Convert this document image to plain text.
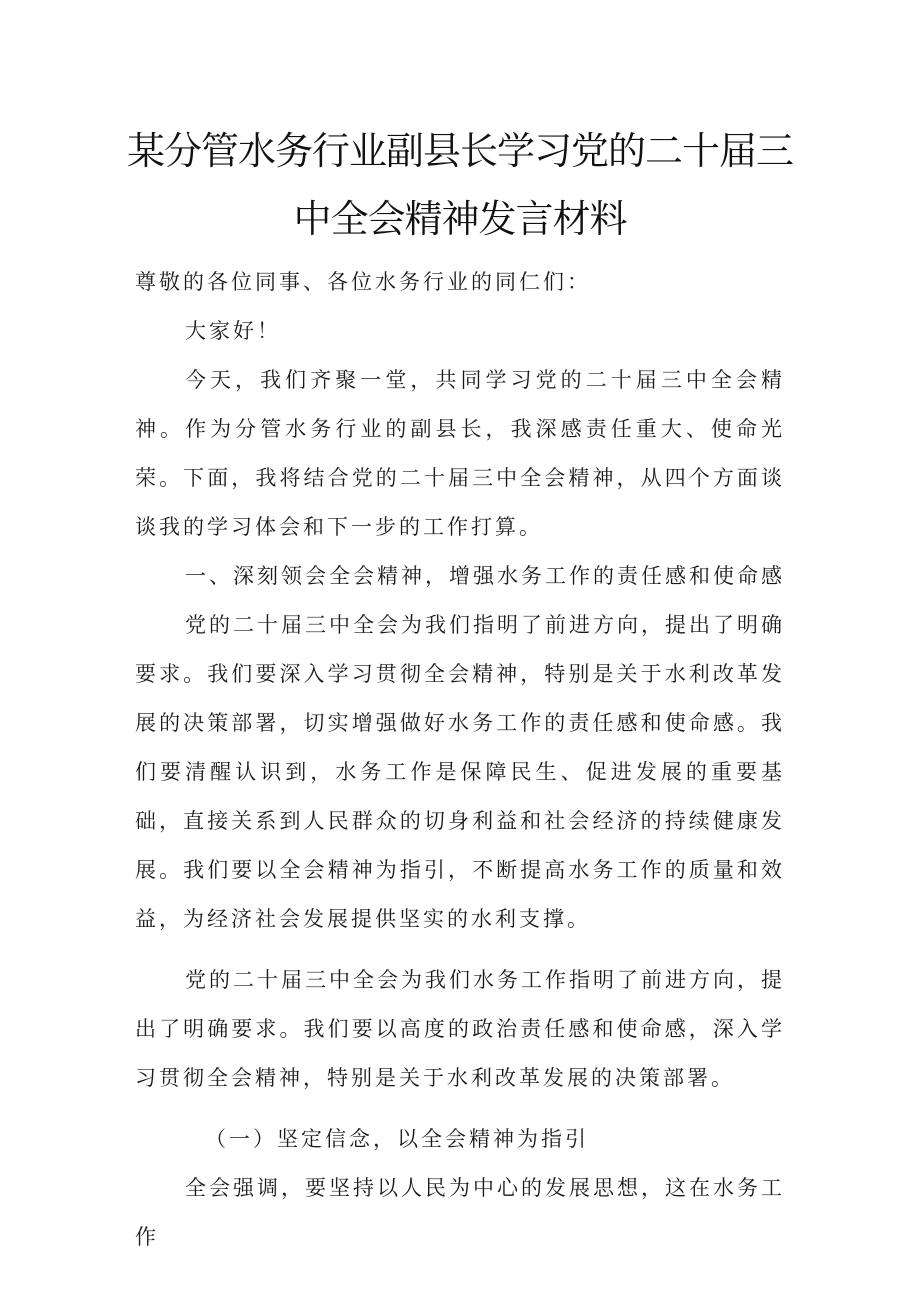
某分管水务行业副县长学习党的二十届三
中全会精神发言材料

尊敬的各位同事、各位水务行业的同仁们：

大家好！

今天，我们齐聚一堂，共同学习党的二十届三中全会精神。作为分管水务行业的副县长，我深感责任重大、使命光荣。下面，我将结合党的二十届三中全会精神，从四个方面谈谈我的学习体会和下一步的工作打算。

一、深刻领会全会精神，增强水务工作的责任感和使命感

党的二十届三中全会为我们指明了前进方向，提出了明确要求。我们要深入学习贯彻全会精神，特别是关于水利改革发展的决策部署，切实增强做好水务工作的责任感和使命感。我们要清醒认识到，水务工作是保障民生、促进发展的重要基础，直接关系到人民群众的切身利益和社会经济的持续健康发展。我们要以全会精神为指引，不断提高水务工作的质量和效益，为经济社会发展提供坚实的水利支撑。

党的二十届三中全会为我们水务工作指明了前进方向，提出了明确要求。我们要以高度的政治责任感和使命感，深入学习贯彻全会精神，特别是关于水利改革发展的决策部署。

（一）坚定信念，以全会精神为指引

全会强调，要坚持以人民为中心的发展思想，这在水务工作
